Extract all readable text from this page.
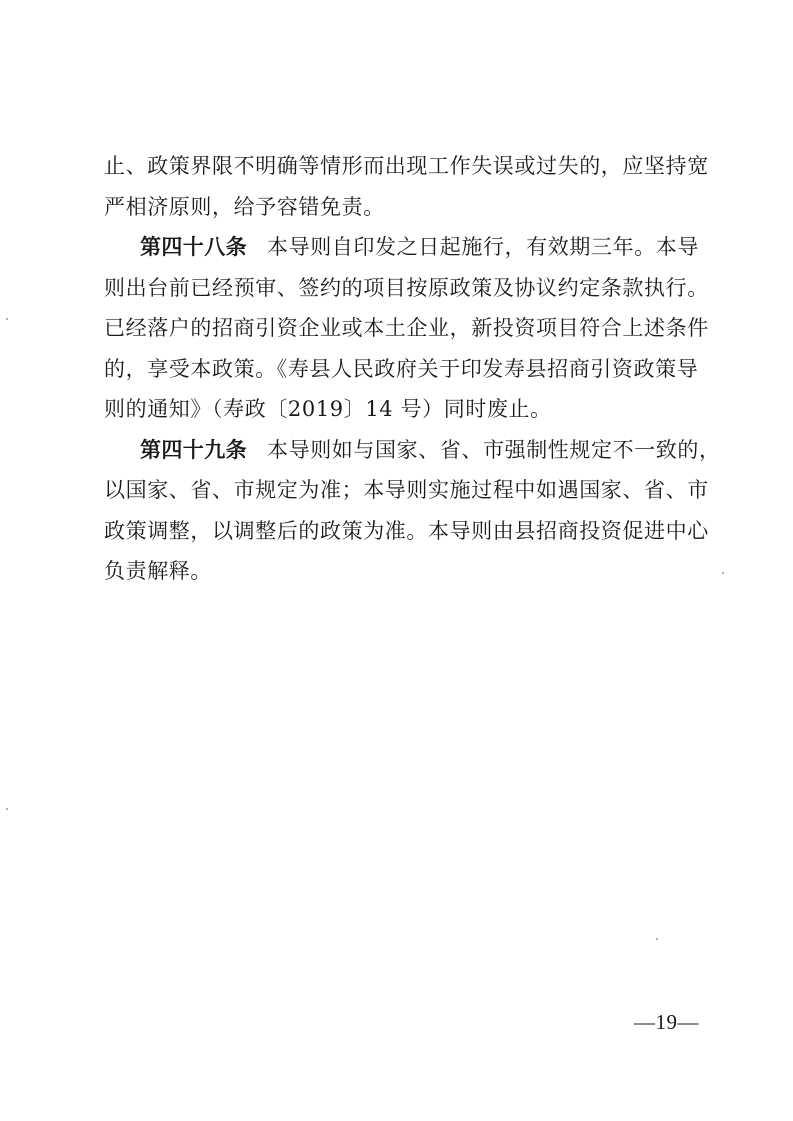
止、政策界限不明确等情形而出现工作失误或过失的，应坚持宽
严相济原则，给予容错免责。
第四十八条 本导则自印发之日起施行，有效期三年。本导
则出台前已经预审、签约的项目按原政策及协议约定条款执行。
已经落户的招商引资企业或本土企业，新投资项目符合上述条件
的，享受本政策。《寿县人民政府关于印发寿县招商引资政策导
则的通知》（寿政〔2019〕14 号）同时废止。
第四十九条 本导则如与国家、省、市强制性规定不一致的，
以国家、省、市规定为准；本导则实施过程中如遇国家、省、市
政策调整，以调整后的政策为准。本导则由县招商投资促进中心
负责解释。
—19—
